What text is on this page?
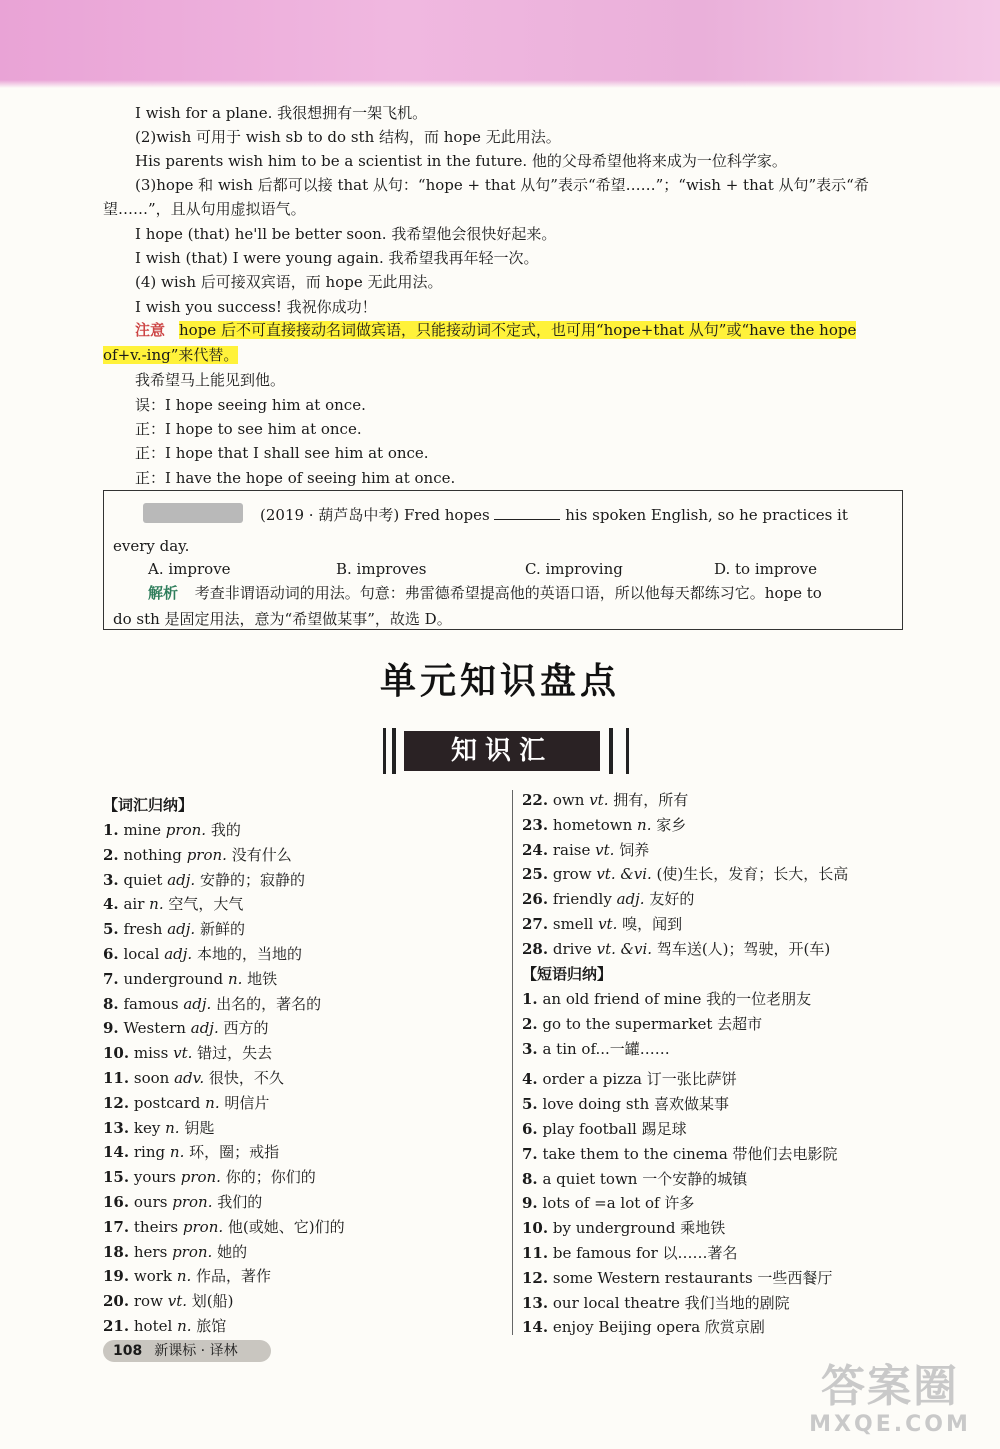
I wish for a plane. 我很想拥有一架飞机。
(2)wish 可用于 wish sb to do sth 结构，而 hope 无此用法。
His parents wish him to be a scientist in the future. 他的父母希望他将来成为一位科学家。
(3)hope 和 wish 后都可以接 that 从句：“hope + that 从句”表示“希望……”；“wish + that 从句”表示“希
望……”，且从句用虚拟语气。
I hope (that) he'll be better soon. 我希望他会很快好起来。
I wish (that) I were young again. 我希望我再年轻一次。
(4) wish 后可接双宾语，而 hope 无此用法。
I wish you success! 我祝你成功！
注意 hope 后不可直接接动名词做宾语，只能接动词不定式，也可用“hope+that 从句”或“have the hope
of+v.-ing”来代替。
我希望马上能见到他。
误：I hope seeing him at once.
正：I hope to see him at once.
正：I hope that I shall see him at once.
正：I have the hope of seeing him at once.
(2019 · 葫芦岛中考) Fred hopes	his spoken English, so he practices it
every day.
A. improve	B. improves	C. improving	D. to improve
解析 考查非谓语动词的用法。句意：弗雷德希望提高他的英语口语，所以他每天都练习它。hope to
do sth 是固定用法，意为“希望做某事”，故选 D。
单元知识盘点
知识汇
【词汇归纳】
1. mine pron. 我的
2. nothing pron. 没有什么
3. quiet adj. 安静的；寂静的
4. air n. 空气，大气
5. fresh adj. 新鲜的
6. local adj. 本地的，当地的
7. underground n. 地铁
8. famous adj. 出名的，著名的
9. Western adj. 西方的
10. miss vt. 错过，失去
11. soon adv. 很快，不久
12. postcard n. 明信片
13. key n. 钥匙
14. ring n. 环，圈；戒指
15. yours pron. 你的；你们的
16. ours pron. 我们的
17. theirs pron. 他(或她、它)们的
18. hers pron. 她的
19. work n. 作品，著作
20. row vt. 划(船)
21. hotel n. 旅馆
22. own vt. 拥有，所有
23. hometown n. 家乡
24. raise vt. 饲养
25. grow vt. &vi. (使)生长，发育；长大，长高
26. friendly adj. 友好的
27. smell vt. 嗅，闻到
28. drive vt. &vi. 驾车送(人)；驾驶，开(车)
【短语归纳】
1. an old friend of mine 我的一位老朋友
2. go to the supermarket 去超市
3. a tin of...一罐……
4. order a pizza 订一张比萨饼
5. love doing sth 喜欢做某事
6. play football 踢足球
7. take them to the cinema 带他们去电影院
8. a quiet town 一个安静的城镇
9. lots of =a lot of 许多
10. by underground 乘地铁
11. be famous for 以……著名
12. some Western restaurants 一些西餐厅
13. our local theatre 我们当地的剧院
14. enjoy Beijing opera 欣赏京剧
108 新课标 · 译林
答案圈
MXQE.COM
